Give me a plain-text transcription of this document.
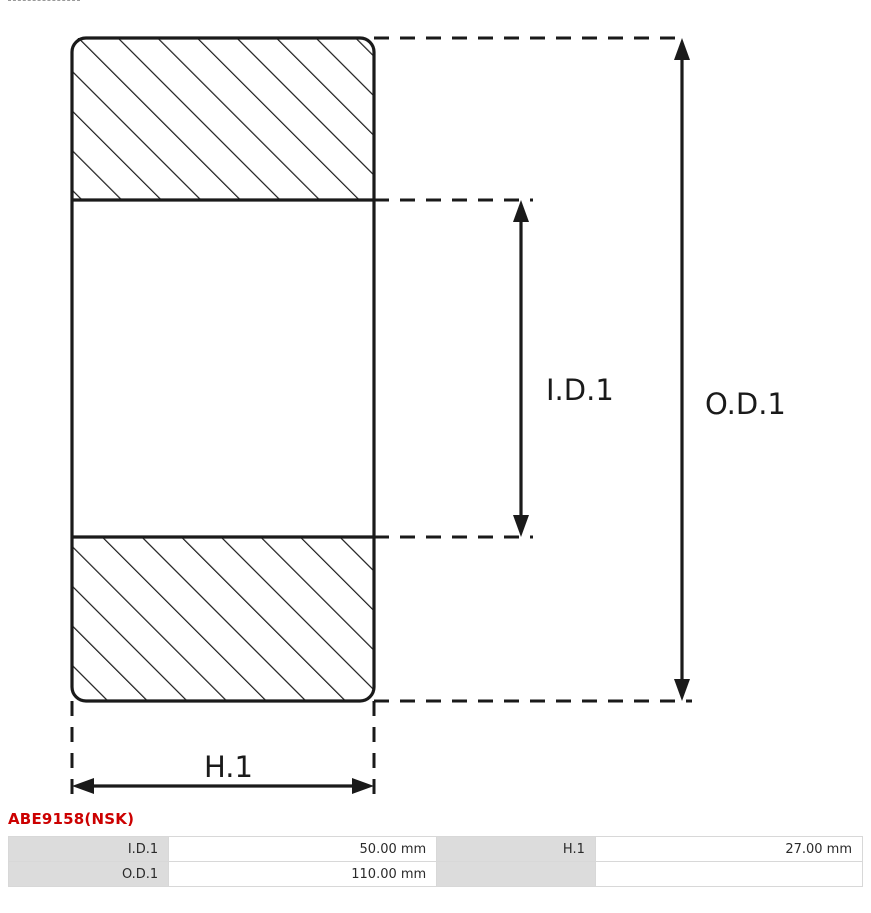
I.D.1	O.D.1
H.1
ABE9158(NSK)
I.D.1	50.00 mm	H.1	27.00 mm
O.D.1	110.00 mm		
